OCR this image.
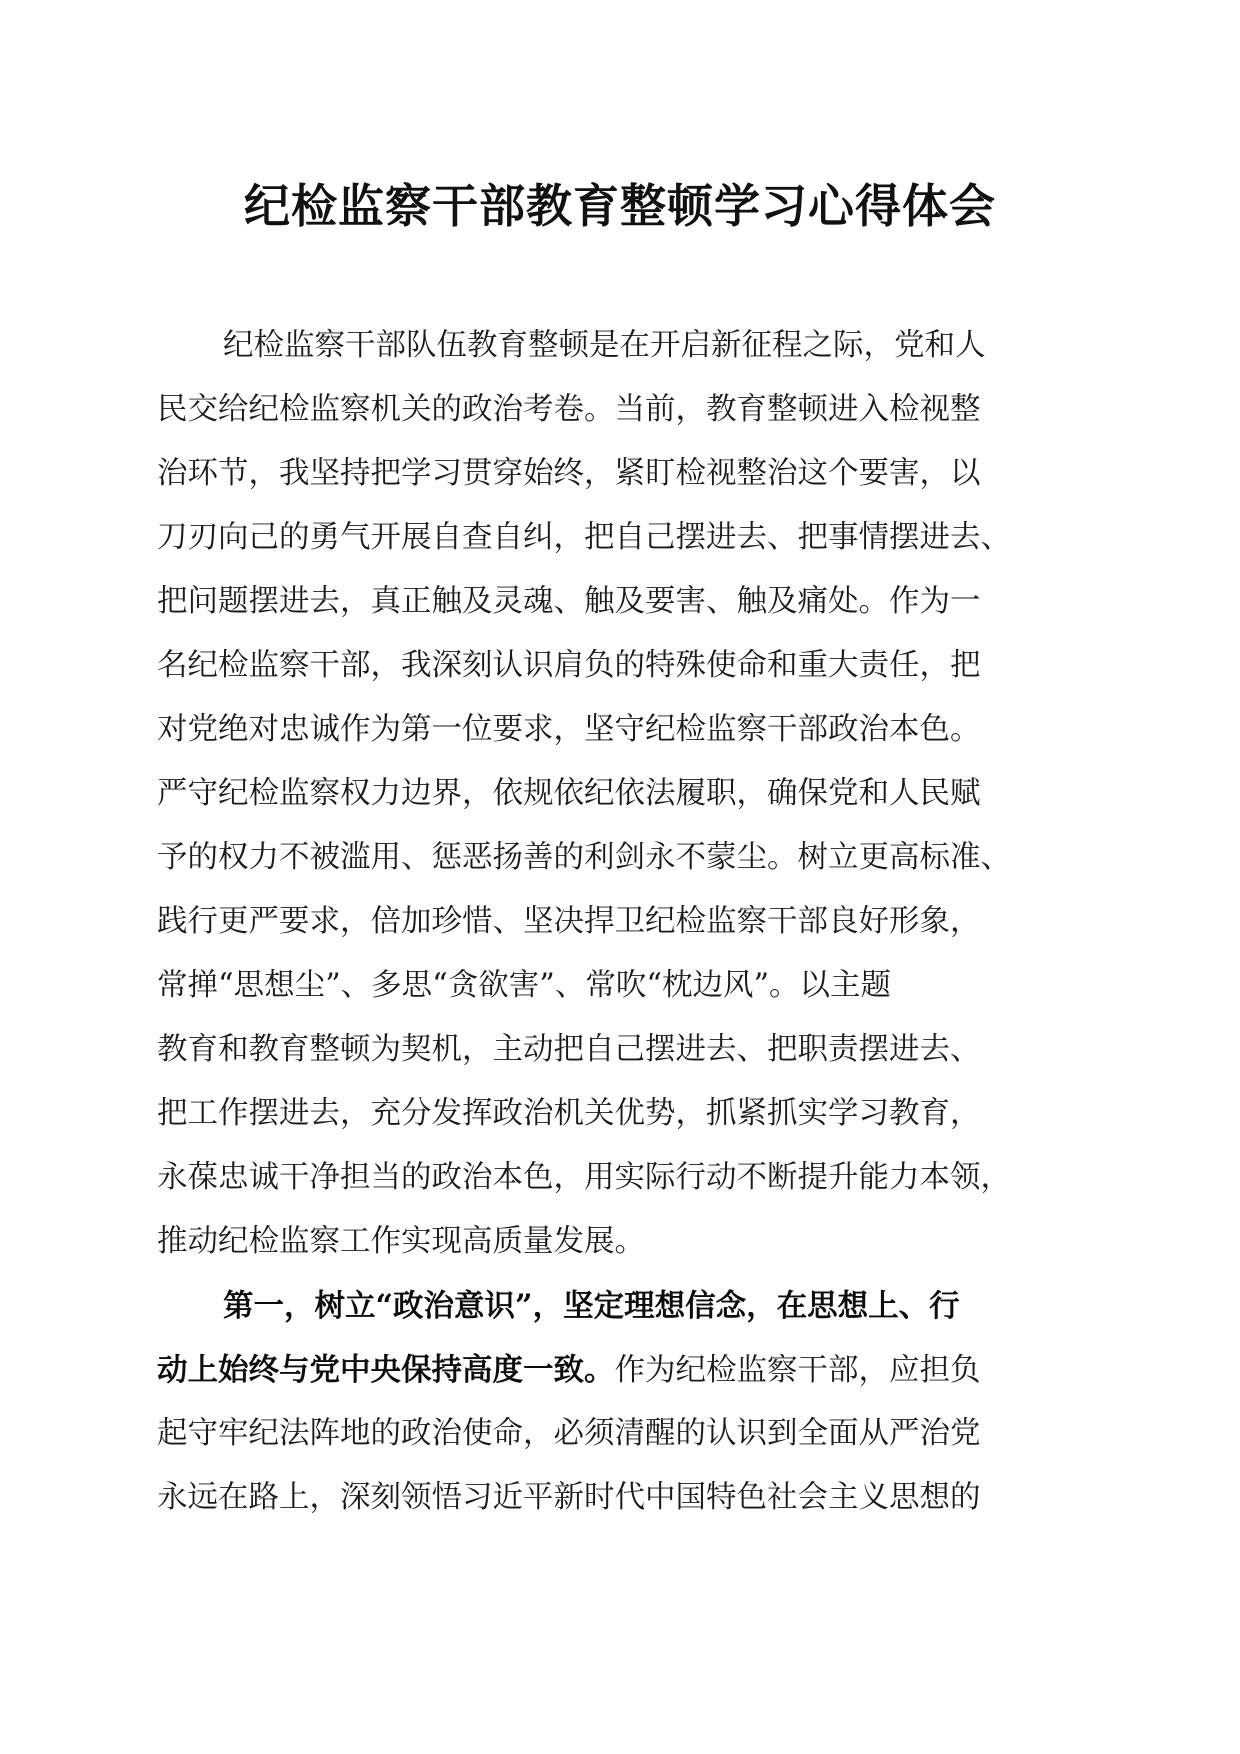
纪检监察干部教育整顿学习心得体会
纪检监察干部队伍教育整顿是在开启新征程之际，党和人
民交给纪检监察机关的政治考卷。当前，教育整顿进入检视整
治环节，我坚持把学习贯穿始终，紧盯检视整治这个要害，以
刀刃向己的勇气开展自查自纠，把自己摆进去、把事情摆进去、
把问题摆进去，真正触及灵魂、触及要害、触及痛处。作为一
名纪检监察干部，我深刻认识肩负的特殊使命和重大责任，把
对党绝对忠诚作为第一位要求，坚守纪检监察干部政治本色。
严守纪检监察权力边界，依规依纪依法履职，确保党和人民赋
予的权力不被滥用、惩恶扬善的利剑永不蒙尘。树立更高标准、
践行更严要求，倍加珍惜、坚决捍卫纪检监察干部良好形象，
常掸“思想尘”、多思“贪欲害”、常吹“枕边风”。以主题
教育和教育整顿为契机，主动把自己摆进去、把职责摆进去、
把工作摆进去，充分发挥政治机关优势，抓紧抓实学习教育，
永葆忠诚干净担当的政治本色，用实际行动不断提升能力本领，
推动纪检监察工作实现高质量发展。
第一，树立“政治意识”，坚定理想信念，在思想上、行
动上始终与党中央保持高度一致。作为纪检监察干部，应担负
起守牢纪法阵地的政治使命，必须清醒的认识到全面从严治党
永远在路上，深刻领悟习近平新时代中国特色社会主义思想的
